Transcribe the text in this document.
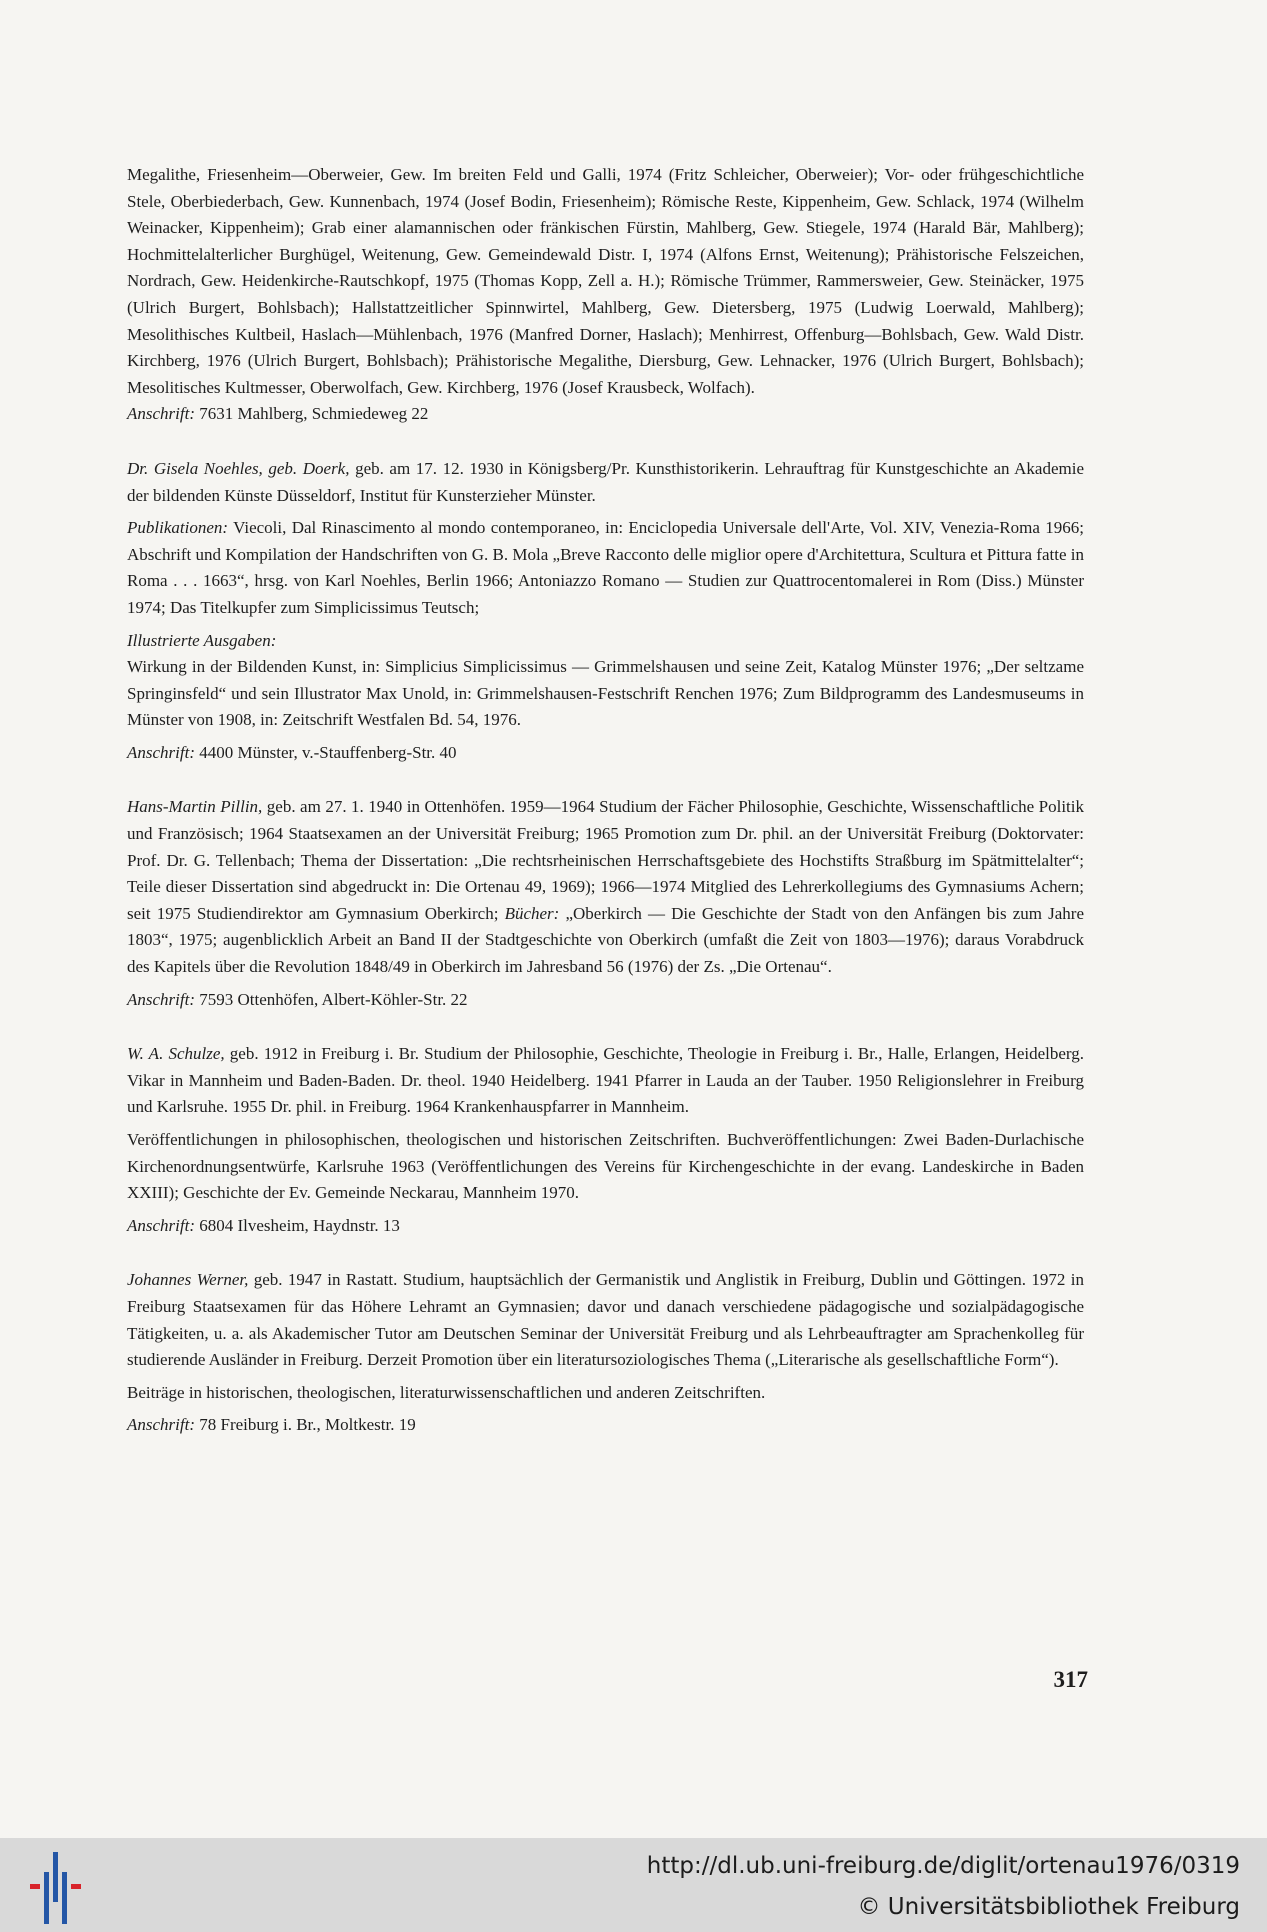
Megalithe, Friesenheim—Oberweier, Gew. Im breiten Feld und Galli, 1974 (Fritz Schleicher, Oberweier); Vor- oder frühgeschichtliche Stele, Oberbiederbach, Gew. Kunnenbach, 1974 (Josef Bodin, Friesenheim); Römische Reste, Kippenheim, Gew. Schlack, 1974 (Wilhelm Weinacker, Kippenheim); Grab einer alamannischen oder fränkischen Fürstin, Mahlberg, Gew. Stiegele, 1974 (Harald Bär, Mahlberg); Hochmittelalterlicher Burghügel, Weitenung, Gew. Gemeindewald Distr. I, 1974 (Alfons Ernst, Weitenung); Prähistorische Felszeichen, Nordrach, Gew. Heidenkirche-Rautschkopf, 1975 (Thomas Kopp, Zell a. H.); Römische Trümmer, Rammersweier, Gew. Steinäcker, 1975 (Ulrich Burgert, Bohlsbach); Hallstattzeitlicher Spinnwirtel, Mahlberg, Gew. Dietersberg, 1975 (Ludwig Loerwald, Mahlberg); Mesolithisches Kultbeil, Haslach—Mühlenbach, 1976 (Manfred Dorner, Haslach); Menhirrest, Offenburg—Bohlsbach, Gew. Wald Distr. Kirchberg, 1976 (Ulrich Burgert, Bohlsbach); Prähistorische Megalithe, Diersburg, Gew. Lehnacker, 1976 (Ulrich Burgert, Bohlsbach); Mesolitisches Kultmesser, Oberwolfach, Gew. Kirchberg, 1976 (Josef Krausbeck, Wolfach).

Anschrift: 7631 Mahlberg, Schmiedeweg 22

Dr. Gisela Noehles, geb. Doerk, geb. am 17. 12. 1930 in Königsberg/Pr. Kunsthistorikerin. Lehrauftrag für Kunstgeschichte an Akademie der bildenden Künste Düsseldorf, Institut für Kunsterzieher Münster.

Publikationen: Viecoli, Dal Rinascimento al mondo contemporaneo, in: Enciclopedia Universale dell'Arte, Vol. XIV, Venezia-Roma 1966; Abschrift und Kompilation der Handschriften von G. B. Mola „Breve Racconto delle miglior opere d'Architettura, Scultura et Pittura fatte in Roma . . . 1663“, hrsg. von Karl Noehles, Berlin 1966; Antoniazzo Romano — Studien zur Quattrocentomalerei in Rom (Diss.) Münster 1974; Das Titelkupfer zum Simplicissimus Teutsch;

Illustrierte Ausgaben:

Wirkung in der Bildenden Kunst, in: Simplicius Simplicissimus — Grimmelshausen und seine Zeit, Katalog Münster 1976; „Der seltzame Springinsfeld“ und sein Illustrator Max Unold, in: Grimmelshausen-Festschrift Renchen 1976; Zum Bildprogramm des Landesmuseums in Münster von 1908, in: Zeitschrift Westfalen Bd. 54, 1976.

Anschrift: 4400 Münster, v.-Stauffenberg-Str. 40

Hans-Martin Pillin, geb. am 27. 1. 1940 in Ottenhöfen. 1959—1964 Studium der Fächer Philosophie, Geschichte, Wissenschaftliche Politik und Französisch; 1964 Staatsexamen an der Universität Freiburg; 1965 Promotion zum Dr. phil. an der Universität Freiburg (Doktorvater: Prof. Dr. G. Tellenbach; Thema der Dissertation: „Die rechtsrheinischen Herrschaftsgebiete des Hochstifts Straßburg im Spätmittelalter“; Teile dieser Dissertation sind abgedruckt in: Die Ortenau 49, 1969); 1966—1974 Mitglied des Lehrerkollegiums des Gymnasiums Achern; seit 1975 Studiendirektor am Gymnasium Oberkirch; Bücher: „Oberkirch — Die Geschichte der Stadt von den Anfängen bis zum Jahre 1803“, 1975; augenblicklich Arbeit an Band II der Stadtgeschichte von Oberkirch (umfaßt die Zeit von 1803—1976); daraus Vorabdruck des Kapitels über die Revolution 1848/49 in Oberkirch im Jahresband 56 (1976) der Zs. „Die Ortenau“.

Anschrift: 7593 Ottenhöfen, Albert-Köhler-Str. 22

W. A. Schulze, geb. 1912 in Freiburg i. Br. Studium der Philosophie, Geschichte, Theologie in Freiburg i. Br., Halle, Erlangen, Heidelberg. Vikar in Mannheim und Baden-Baden. Dr. theol. 1940 Heidelberg. 1941 Pfarrer in Lauda an der Tauber. 1950 Religionslehrer in Freiburg und Karlsruhe. 1955 Dr. phil. in Freiburg. 1964 Krankenhauspfarrer in Mannheim.

Veröffentlichungen in philosophischen, theologischen und historischen Zeitschriften. Buchveröffentlichungen: Zwei Baden-Durlachische Kirchenordnungsentwürfe, Karlsruhe 1963 (Veröffentlichungen des Vereins für Kirchengeschichte in der evang. Landeskirche in Baden XXIII); Geschichte der Ev. Gemeinde Neckarau, Mannheim 1970.

Anschrift: 6804 Ilvesheim, Haydnstr. 13

Johannes Werner, geb. 1947 in Rastatt. Studium, hauptsächlich der Germanistik und Anglistik in Freiburg, Dublin und Göttingen. 1972 in Freiburg Staatsexamen für das Höhere Lehramt an Gymnasien; davor und danach verschiedene pädagogische und sozialpädagogische Tätigkeiten, u. a. als Akademischer Tutor am Deutschen Seminar der Universität Freiburg und als Lehrbeauftragter am Sprachenkolleg für studierende Ausländer in Freiburg. Derzeit Promotion über ein literatursoziologisches Thema („Literarische als gesellschaftliche Form“).

Beiträge in historischen, theologischen, literaturwissenschaftlichen und anderen Zeitschriften.

Anschrift: 78 Freiburg i. Br., Moltkestr. 19

317
http://dl.ub.uni-freiburg.de/diglit/ortenau1976/0319
© Universitätsbibliothek Freiburg
